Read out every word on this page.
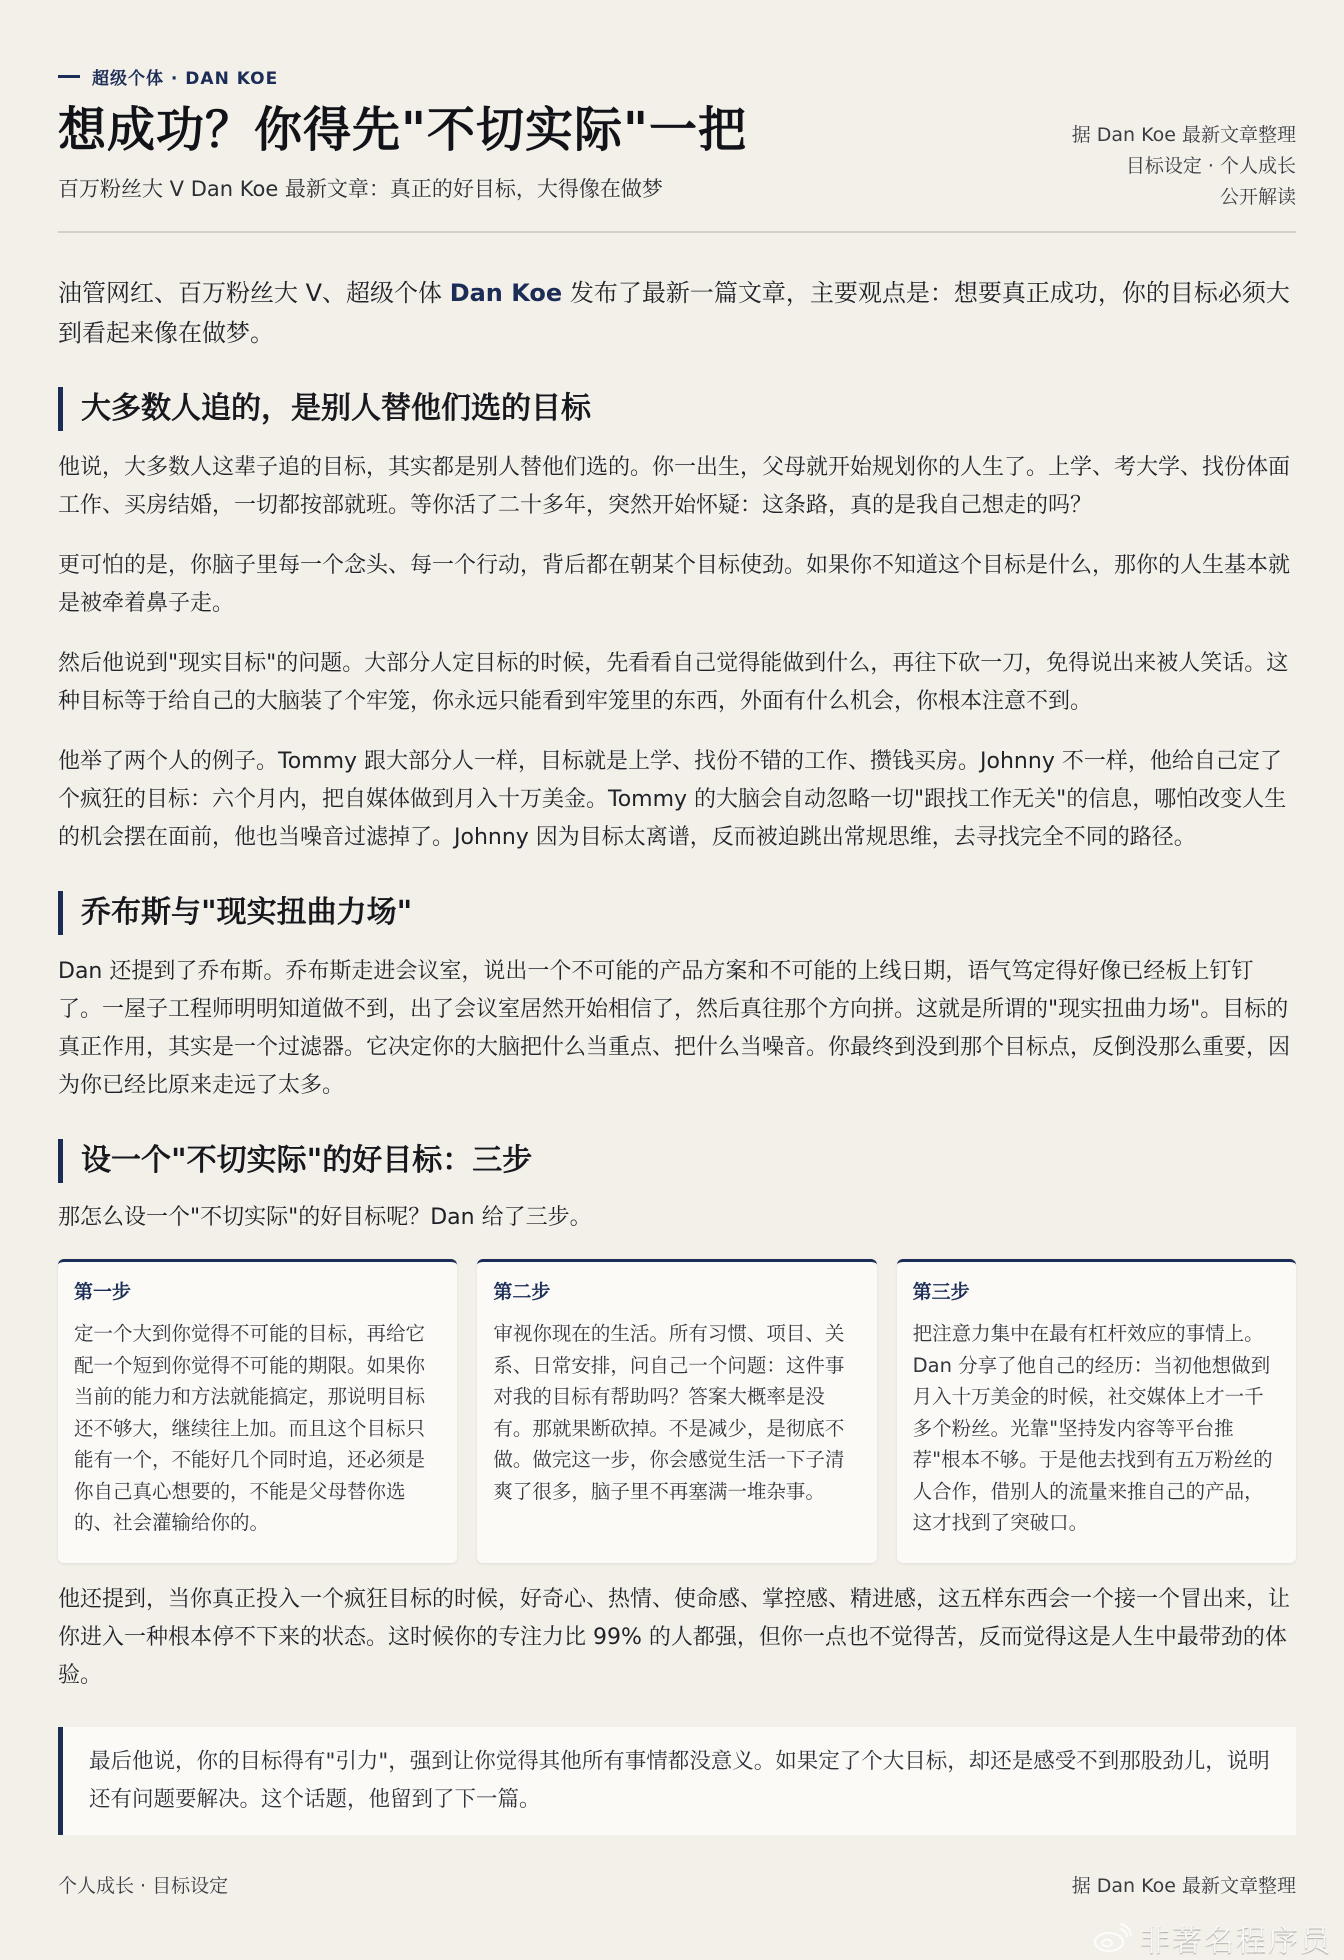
超级个体 · DAN KOE
想成功？你得先"不切实际"一把
百万粉丝大 V Dan Koe 最新文章：真正的好目标，大得像在做梦
据 Dan Koe 最新文章整理
目标设定 · 个人成长
公开解读

油管网红、百万粉丝大 V、超级个体 Dan Koe 发布了最新一篇文章，主要观点是：想要真正成功，你的目标必须大到看起来像在做梦。

大多数人追的，是别人替他们选的目标

他说，大多数人这辈子追的目标，其实都是别人替他们选的。你一出生，父母就开始规划你的人生了。上学、考大学、找份体面工作、买房结婚，一切都按部就班。等你活了二十多年，突然开始怀疑：这条路，真的是我自己想走的吗？

更可怕的是，你脑子里每一个念头、每一个行动，背后都在朝某个目标使劲。如果你不知道这个目标是什么，那你的人生基本就是被牵着鼻子走。

然后他说到"现实目标"的问题。大部分人定目标的时候，先看看自己觉得能做到什么，再往下砍一刀，免得说出来被人笑话。这种目标等于给自己的大脑装了个牢笼，你永远只能看到牢笼里的东西，外面有什么机会，你根本注意不到。

他举了两个人的例子。Tommy 跟大部分人一样，目标就是上学、找份不错的工作、攒钱买房。Johnny 不一样，他给自己定了个疯狂的目标：六个月内，把自媒体做到月入十万美金。Tommy 的大脑会自动忽略一切"跟找工作无关"的信息，哪怕改变人生的机会摆在面前，他也当噪音过滤掉了。Johnny 因为目标太离谱，反而被迫跳出常规思维，去寻找完全不同的路径。

乔布斯与"现实扭曲力场"

Dan 还提到了乔布斯。乔布斯走进会议室，说出一个不可能的产品方案和不可能的上线日期，语气笃定得好像已经板上钉钉了。一屋子工程师明明知道做不到，出了会议室居然开始相信了，然后真往那个方向拼。这就是所谓的"现实扭曲力场"。目标的真正作用，其实是一个过滤器。它决定你的大脑把什么当重点、把什么当噪音。你最终到没到那个目标点，反倒没那么重要，因为你已经比原来走远了太多。

设一个"不切实际"的好目标：三步

那怎么设一个"不切实际"的好目标呢？Dan 给了三步。

第一步
定一个大到你觉得不可能的目标，再给它配一个短到你觉得不可能的期限。如果你当前的能力和方法就能搞定，那说明目标还不够大，继续往上加。而且这个目标只能有一个，不能好几个同时追，还必须是你自己真心想要的，不能是父母替你选的、社会灌输给你的。
第二步
审视你现在的生活。所有习惯、项目、关系、日常安排，问自己一个问题：这件事对我的目标有帮助吗？答案大概率是没有。那就果断砍掉。不是减少，是彻底不做。做完这一步，你会感觉生活一下子清爽了很多，脑子里不再塞满一堆杂事。
第三步
把注意力集中在最有杠杆效应的事情上。Dan 分享了他自己的经历：当初他想做到月入十万美金的时候，社交媒体上才一千多个粉丝。光靠"坚持发内容等平台推荐"根本不够。于是他去找到有五万粉丝的人合作，借别人的流量来推自己的产品，这才找到了突破口。

他还提到，当你真正投入一个疯狂目标的时候，好奇心、热情、使命感、掌控感、精进感，这五样东西会一个接一个冒出来，让你进入一种根本停不下来的状态。这时候你的专注力比 99% 的人都强，但你一点也不觉得苦，反而觉得这是人生中最带劲的体验。

最后他说，你的目标得有"引力"，强到让你觉得其他所有事情都没意义。如果定了个大目标，却还是感受不到那股劲儿，说明还有问题要解决。这个话题，他留到了下一篇。
个人成长 · 目标设定	据 Dan Koe 最新文章整理
非著名程序员
